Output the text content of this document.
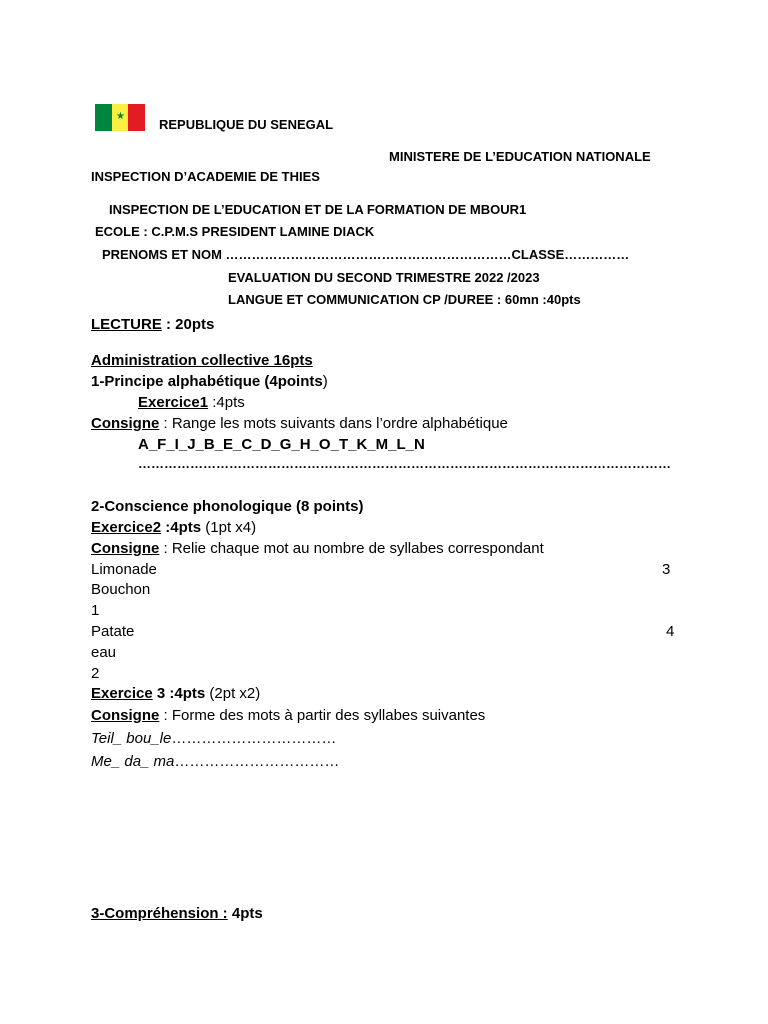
★
REPUBLIQUE DU SENEGAL
MINISTERE DE L’EDUCATION NATIONALE
INSPECTION D’ACADEMIE DE THIES
INSPECTION DE L’EDUCATION ET DE LA FORMATION DE MBOUR1
ECOLE : C.P.M.S PRESIDENT LAMINE DIACK
PRENOMS ET NOM …………………………………………………………CLASSE……………
EVALUATION DU SECOND TRIMESTRE 2022 /2023
LANGUE ET COMMUNICATION CP /DUREE : 60mn :40pts
LECTURE : 20pts
Administration collective 16pts
1-Principe alphabétique (4points)
Exercice1 :4pts
Consigne : Range les mots suivants dans l’ordre alphabétique
A_F_I_J_B_E_C_D_G_H_O_T_K_M_L_N
……………………………………………………………………………………………………………
2-Conscience phonologique (8 points)
Exercice2 :4pts (1pt x4)
Consigne : Relie chaque mot au nombre de syllabes correspondant
Limonade	3
Bouchon
1
Patate	4
eau
2
Exercice 3 :4pts (2pt x2)
Consigne : Forme des mots à partir des syllabes suivantes
Teil_ bou_le……………………………
Me_ da_ ma……………………………
3-Compréhension : 4pts
